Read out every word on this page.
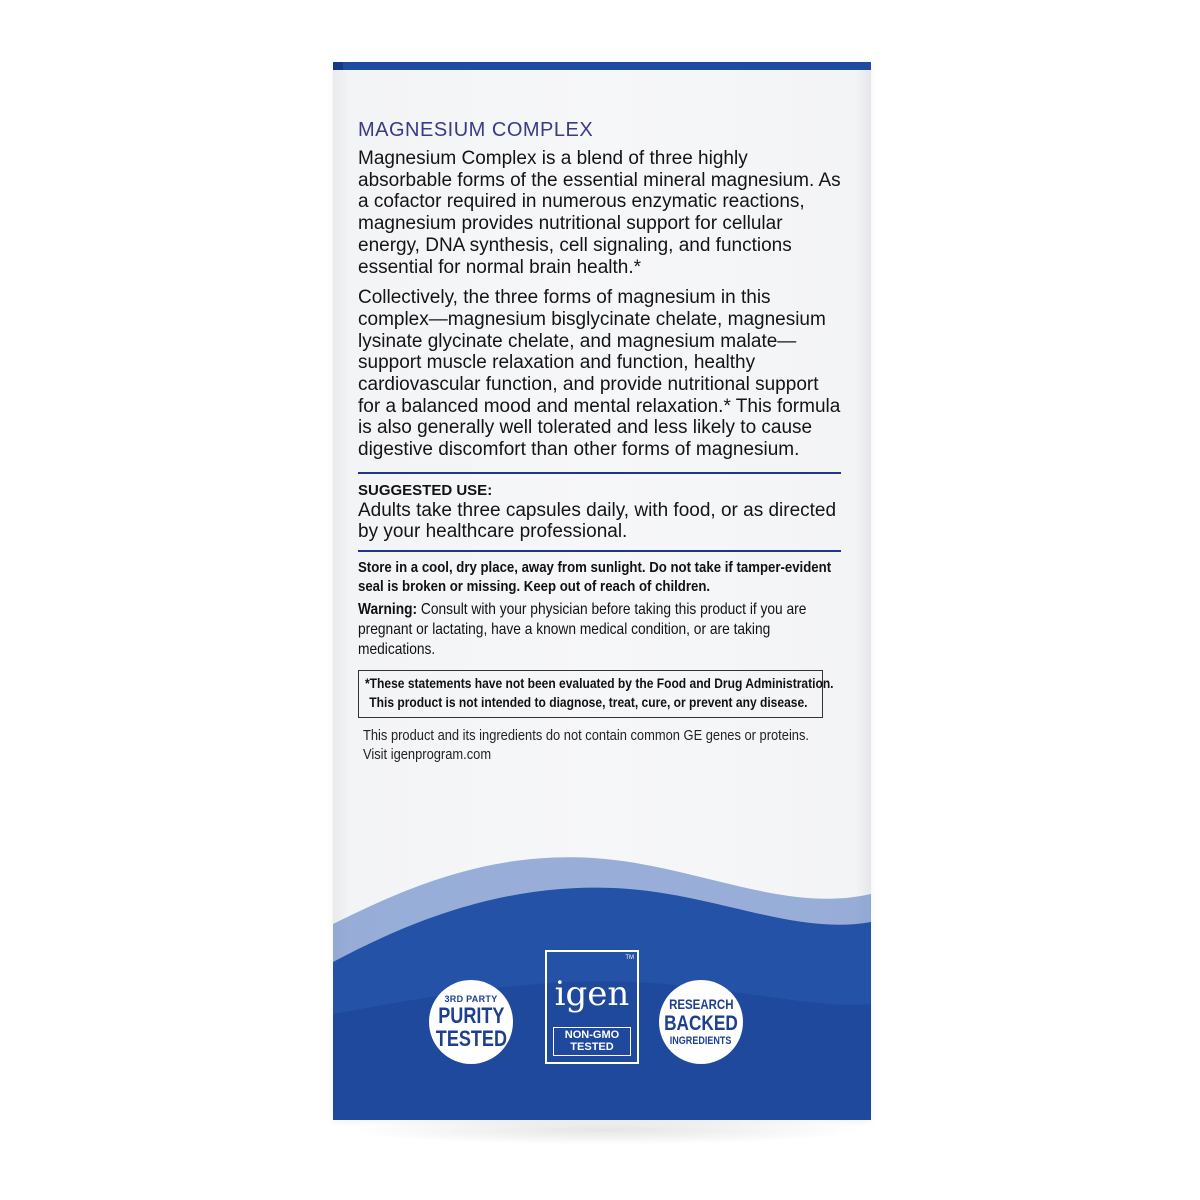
MAGNESIUM COMPLEX

Magnesium Complex is a blend of three highly absorbable forms of the essential mineral magnesium. As a cofactor required in numerous enzymatic reactions, magnesium provides nutritional support for cellular energy, DNA synthesis, cell signaling, and functions essential for normal brain health.*

Collectively, the three forms of magnesium in this complex—magnesium bisglycinate chelate, magnesium lysinate glycinate chelate, and magnesium malate—support muscle relaxation and function, healthy cardiovascular function, and provide nutritional support for a balanced mood and mental relaxation.* This formula is also generally well tolerated and less likely to cause digestive discomfort than other forms of magnesium.

SUGGESTED USE:
Adults take three capsules daily, with food, or as directed by your healthcare professional.
Store in a cool, dry place, away from sunlight. Do not take if tamper-evident seal is broken or missing. Keep out of reach of children.
Warning: Consult with your physician before taking this product if you are pregnant or lactating, have a known medical condition, or are taking medications.
*These statements have not been evaluated by the Food and Drug Administration.
This product is not intended to diagnose, treat, cure, or prevent any disease.
This product and its ingredients do not contain common GE genes or proteins.
Visit igenprogram.com
3RD PARTY
PURITY
TESTED
TM
igen
NON-GMO
TESTED
RESEARCH
BACKED
INGREDIENTS
